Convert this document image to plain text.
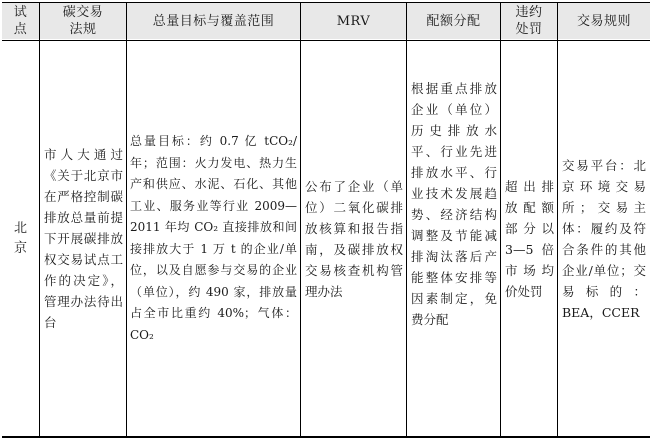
试
点
碳交易
法规
总量目标与覆盖范围	MRV	配额分配
违约
处罚
交易规则
北
京
市人大通过《关于北京市在严格控制碳排放总量前提下开展碳排放权交易试点工作的决定》，管理办法待出台
总量目标：约 0.7 亿 tCO₂/年；范围：火力发电、热力生产和供应、水泥、石化、其他工业、服务业等行业 2009—2011 年均 CO₂ 直接排放和间接排放大于 1 万 t 的企业/单位，以及自愿参与交易的企业（单位），约 490 家，排放量占全市比重约 40%；气体：CO₂
公布了企业（单位）二氧化碳排放核算和报告指南，及碳排放权交易核查机构管理办法
根据重点排放企业（单位）历史排放水平、行业先进排放水平、行业技术发展趋势、经济结构调整及节能减排淘汰落后产能整体安排等因素制定，免费分配
超出排放配额部分以 3—5 倍市场均价处罚
交易平台：北京环境交易所；交易主体：履约及符合条件的其他企业/单位；交易标的：BEA，CCER
